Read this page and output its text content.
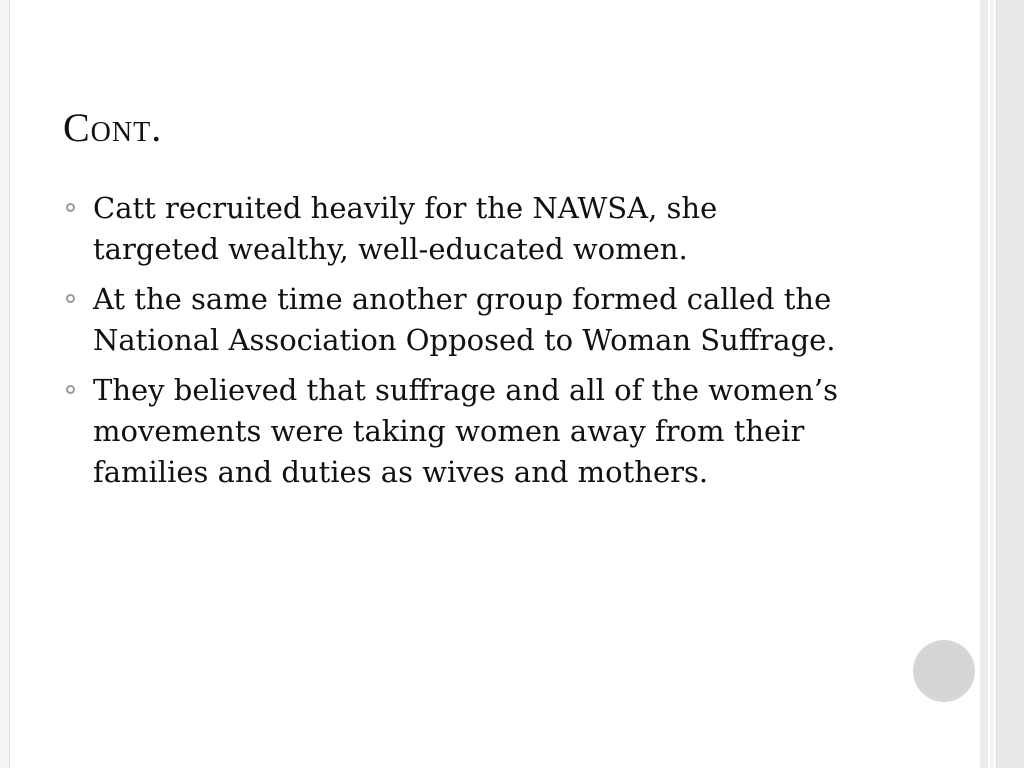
Cont.
Catt recruited heavily for the NAWSA, she targeted wealthy, well-educated women.
At the same time another group formed called the National Association Opposed to Woman Suffrage.
They believed that suffrage and all of the women’s movements were taking women away from their families and duties as wives and mothers.
